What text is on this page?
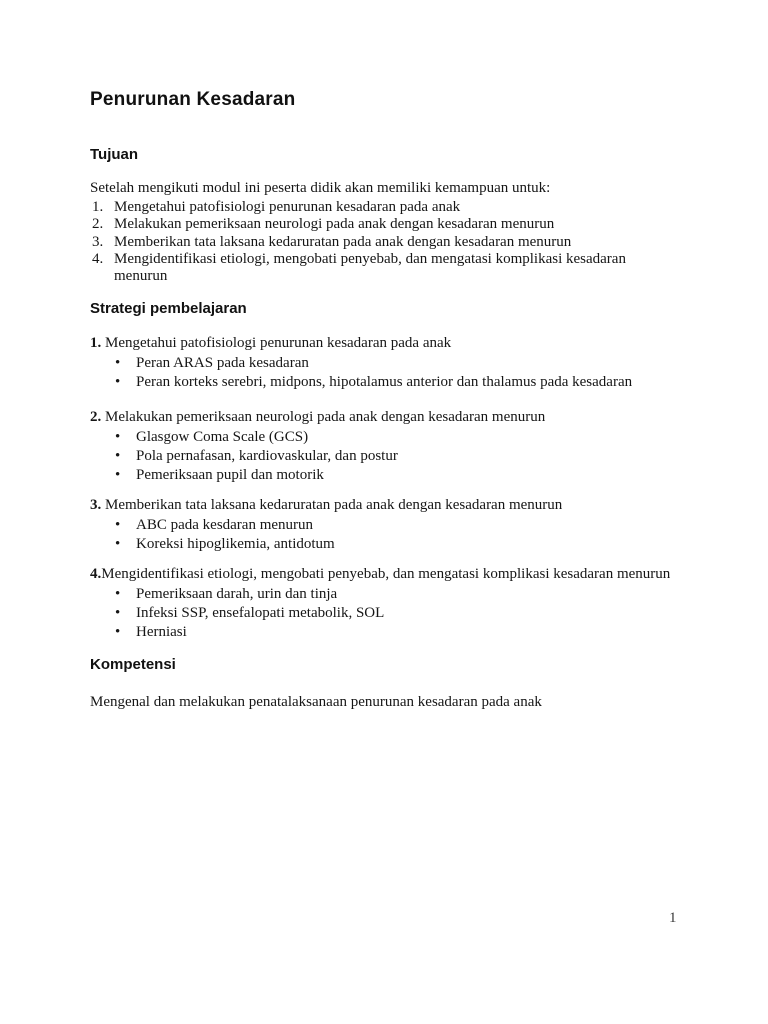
Penurunan Kesadaran
Tujuan
Setelah mengikuti modul ini peserta didik akan memiliki kemampuan untuk:
1. Mengetahui patofisiologi penurunan kesadaran pada anak
2. Melakukan pemeriksaan neurologi pada anak dengan kesadaran menurun
3. Memberikan tata laksana kedaruratan pada anak dengan kesadaran menurun
4. Mengidentifikasi etiologi, mengobati penyebab, dan mengatasi komplikasi kesadaran menurun
Strategi pembelajaran
1. Mengetahui patofisiologi penurunan kesadaran pada anak
•	Peran ARAS pada kesadaran
•	Peran korteks serebri, midpons, hipotalamus anterior dan thalamus pada kesadaran
2. Melakukan pemeriksaan neurologi pada anak dengan kesadaran menurun
•	Glasgow Coma Scale (GCS)
•	Pola pernafasan, kardiovaskular, dan postur
•	Pemeriksaan pupil dan motorik
3. Memberikan tata laksana kedaruratan pada anak dengan kesadaran menurun
•	ABC pada kesdaran menurun
•	Koreksi hipoglikemia, antidotum
4.Mengidentifikasi etiologi, mengobati penyebab, dan mengatasi komplikasi kesadaran menurun
•	Pemeriksaan darah, urin dan tinja
•	Infeksi SSP, ensefalopati metabolik, SOL
•	Herniasi
Kompetensi
Mengenal dan melakukan penatalaksanaan penurunan kesadaran pada anak
1
